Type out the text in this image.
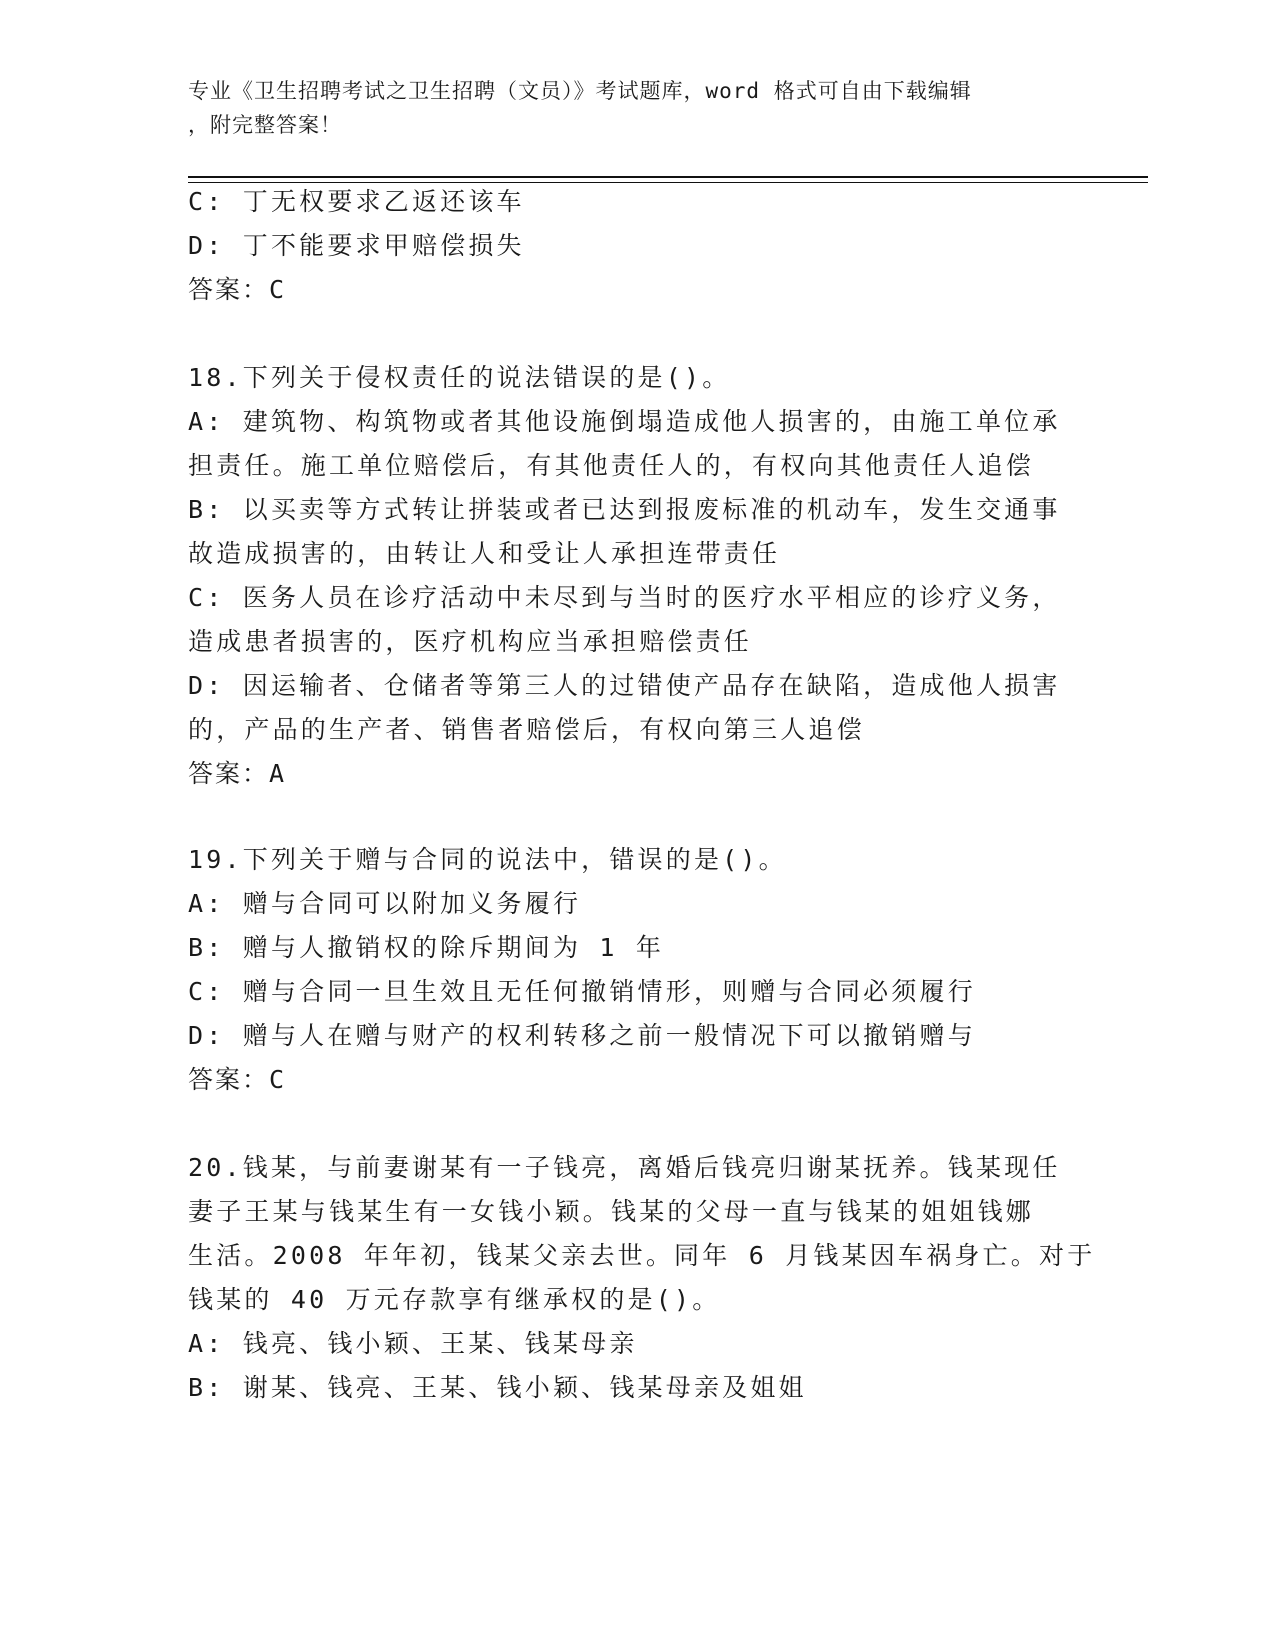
专业《卫生招聘考试之卫生招聘（文员）》考试题库，word 格式可自由下载编辑
，附完整答案！
C: 丁无权要求乙返还该车
D: 丁不能要求甲赔偿损失
答案：C
18.下列关于侵权责任的说法错误的是()。
A: 建筑物、构筑物或者其他设施倒塌造成他人损害的，由施工单位承
担责任。施工单位赔偿后，有其他责任人的，有权向其他责任人追偿
B: 以买卖等方式转让拼装或者已达到报废标准的机动车，发生交通事
故造成损害的，由转让人和受让人承担连带责任
C: 医务人员在诊疗活动中未尽到与当时的医疗水平相应的诊疗义务，
造成患者损害的，医疗机构应当承担赔偿责任
D: 因运输者、仓储者等第三人的过错使产品存在缺陷，造成他人损害
的，产品的生产者、销售者赔偿后，有权向第三人追偿
答案：A
19.下列关于赠与合同的说法中，错误的是()。
A: 赠与合同可以附加义务履行
B: 赠与人撤销权的除斥期间为 1 年
C: 赠与合同一旦生效且无任何撤销情形，则赠与合同必须履行
D: 赠与人在赠与财产的权利转移之前一般情况下可以撤销赠与
答案：C
20.钱某，与前妻谢某有一子钱亮，离婚后钱亮归谢某抚养。钱某现任
妻子王某与钱某生有一女钱小颖。钱某的父母一直与钱某的姐姐钱娜
生活。2008 年年初，钱某父亲去世。同年 6 月钱某因车祸身亡。对于
钱某的 40 万元存款享有继承权的是()。
A: 钱亮、钱小颖、王某、钱某母亲
B: 谢某、钱亮、王某、钱小颖、钱某母亲及姐姐
